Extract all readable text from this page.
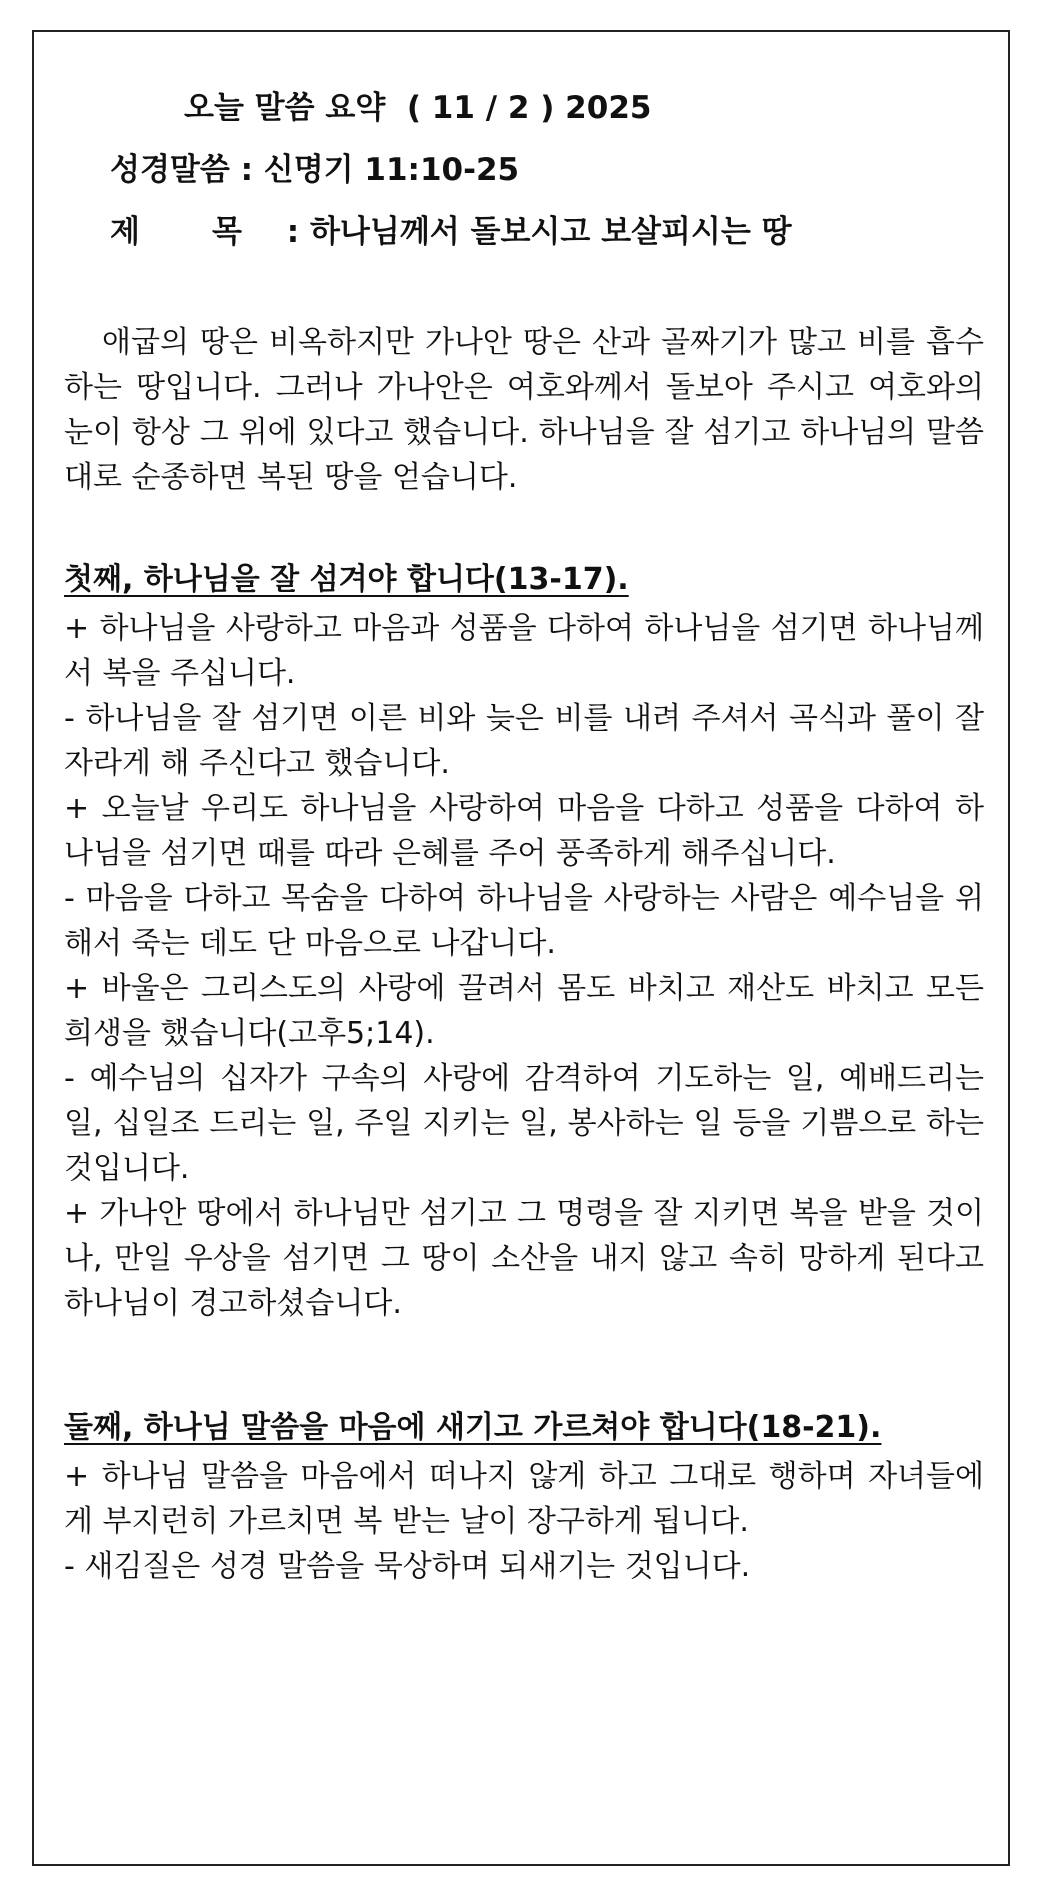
오늘 말씀 요약  ( 11 / 2 ) 2025

성경말씀 : 신명기 11:10-25

제 목 : 하나님께서 돌보시고 보살피시는 땅

애굽의 땅은 비옥하지만 가나안 땅은 산과 골짜기가 많고 비를 흡수하는 땅입니다. 그러나 가나안은 여호와께서 돌보아 주시고 여호와의 눈이 항상 그 위에 있다고 했습니다. 하나님을 잘 섬기고 하나님의 말씀대로 순종하면 복된 땅을 얻습니다.

첫째, 하나님을 잘 섬겨야 합니다(13-17).

+ 하나님을 사랑하고 마음과 성품을 다하여 하나님을 섬기면 하나님께서 복을 주십니다.

- 하나님을 잘 섬기면 이른 비와 늦은 비를 내려 주셔서 곡식과 풀이 잘 자라게 해 주신다고 했습니다.

+ 오늘날 우리도 하나님을 사랑하여 마음을 다하고 성품을 다하여 하나님을 섬기면 때를 따라 은혜를 주어 풍족하게 해주십니다.

- 마음을 다하고 목숨을 다하여 하나님을 사랑하는 사람은 예수님을 위해서 죽는 데도 단 마음으로 나갑니다.

+ 바울은 그리스도의 사랑에 끌려서 몸도 바치고 재산도 바치고 모든 희생을 했습니다(고후5;14).

- 예수님의 십자가 구속의 사랑에 감격하여 기도하는 일, 예배드리는 일, 십일조 드리는 일, 주일 지키는 일, 봉사하는 일 등을 기쁨으로 하는 것입니다.

+ 가나안 땅에서 하나님만 섬기고 그 명령을 잘 지키면 복을 받을 것이나, 만일 우상을 섬기면 그 땅이 소산을 내지 않고 속히 망하게 된다고 하나님이 경고하셨습니다.

둘째, 하나님 말씀을 마음에 새기고 가르쳐야 합니다(18-21).

+ 하나님 말씀을 마음에서 떠나지 않게 하고 그대로 행하며 자녀들에게 부지런히 가르치면 복 받는 날이 장구하게 됩니다.

- 새김질은 성경 말씀을 묵상하며 되새기는 것입니다.
